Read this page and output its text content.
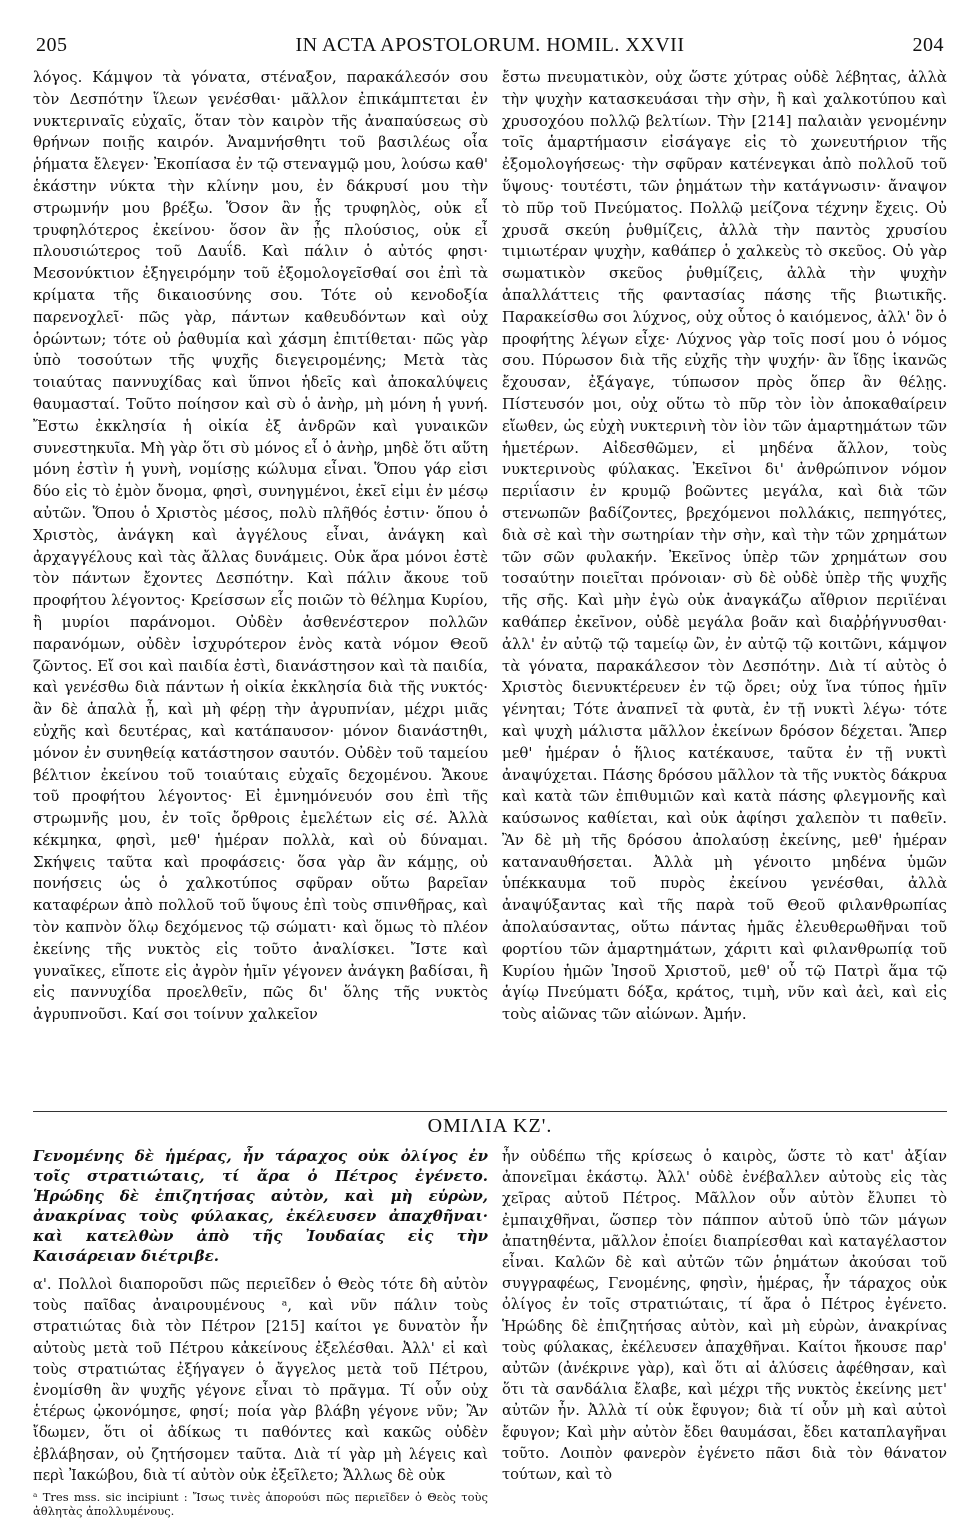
205	IN ACTA APOSTOLORUM. HOMIL. XXVII	204

λόγος. Κάμψον τὰ γόνατα, στέναξον, παρακάλεσόν σου τὸν Δεσπότην ἵλεων γενέσθαι· μᾶλλον ἐπικάμπτεται ἐν νυκτεριναῖς εὐχαῖς, ὅταν τὸν καιρὸν τῆς ἀναπαύσεως σὺ θρήνων ποιῇς καιρόν. Ἀναμνήσθητι τοῦ βασιλέως οἷα ῥήματα ἔλεγεν· Ἐκοπίασα ἐν τῷ στεναγμῷ μου, λούσω καθ' ἑκάστην νύκτα τὴν κλίνην μου, ἐν δάκρυσί μου τὴν στρωμνήν μου βρέξω. Ὅσον ἂν ᾖς τρυφηλὸς, οὐκ εἶ τρυφηλότερος ἐκείνου· ὅσον ἂν ᾖς πλούσιος, οὐκ εἶ πλουσιώτερος τοῦ Δαυΐδ. Καὶ πάλιν ὁ αὐτός φησι· Μεσονύκτιον ἐξηγειρόμην τοῦ ἐξομολογεῖσθαί σοι ἐπὶ τὰ κρίματα τῆς δικαιοσύνης σου. Τότε οὐ κενοδοξία παρενοχλεῖ· πῶς γὰρ, πάντων καθευδόντων καὶ οὐχ ὁρώντων; τότε οὐ ῥαθυμία καὶ χάσμη ἐπιτίθεται· πῶς γὰρ ὑπὸ τοσούτων τῆς ψυχῆς διεγειρομένης; Μετὰ τὰς τοιαύτας παννυχίδας καὶ ὕπνοι ἡδεῖς καὶ ἀποκαλύψεις θαυμασταί. Τοῦτο ποίησον καὶ σὺ ὁ ἀνὴρ, μὴ μόνη ἡ γυνή. Ἔστω ἐκκλησία ἡ οἰκία ἐξ ἀνδρῶν καὶ γυναικῶν συνεστηκυῖα. Μὴ γὰρ ὅτι σὺ μόνος εἶ ὁ ἀνὴρ, μηδὲ ὅτι αὕτη μόνη ἐστὶν ἡ γυνὴ, νομίσῃς κώλυμα εἶναι. Ὅπου γάρ εἰσι δύο εἰς τὸ ἐμὸν ὄνομα, φησὶ, συνηγμένοι, ἐκεῖ εἰμι ἐν μέσῳ αὐτῶν. Ὅπου ὁ Χριστὸς μέσος, πολὺ πλῆθός ἐστιν· ὅπου ὁ Χριστὸς, ἀνάγκη καὶ ἀγγέλους εἶναι, ἀνάγκη καὶ ἀρχαγγέλους καὶ τὰς ἄλλας δυνάμεις. Οὐκ ἄρα μόνοι ἐστὲ τὸν πάντων ἔχοντες Δεσπότην. Καὶ πάλιν ἄκουε τοῦ προφήτου λέγοντος· Κρείσσων εἷς ποιῶν τὸ θέλημα Κυρίου, ἢ μυρίοι παράνομοι. Οὐδὲν ἀσθενέστερον πολλῶν παρανόμων, οὐδὲν ἰσχυρότερον ἑνὸς κατὰ νόμον Θεοῦ ζῶντος. Εἴ σοι καὶ παιδία ἐστὶ, διανάστησον καὶ τὰ παιδία, καὶ γενέσθω διὰ πάντων ἡ οἰκία ἐκκλησία διὰ τῆς νυκτός· ἂν δὲ ἁπαλὰ ᾖ, καὶ μὴ φέρῃ τὴν ἀγρυπνίαν, μέχρι μιᾶς εὐχῆς καὶ δευτέρας, καὶ κατάπαυσον· μόνον διανάστηθι, μόνον ἐν συνηθείᾳ κατάστησον σαυτόν. Οὐδὲν τοῦ ταμείου βέλτιον ἐκείνου τοῦ τοιαύταις εὐχαῖς δεχομένου. Ἄκουε τοῦ προφήτου λέγοντος· Εἰ ἐμνημόνευόν σου ἐπὶ τῆς στρωμνῆς μου, ἐν τοῖς ὄρθροις ἐμελέτων εἰς σέ. Ἀλλὰ κέκμηκα, φησὶ, μεθ' ἡμέραν πολλὰ, καὶ οὐ δύναμαι. Σκήψεις ταῦτα καὶ προφάσεις· ὅσα γὰρ ἂν κάμῃς, οὐ πονήσεις ὡς ὁ χαλκοτύπος σφῦραν οὕτω βαρεῖαν καταφέρων ἀπὸ πολλοῦ τοῦ ὕψους ἐπὶ τοὺς σπινθῆρας, καὶ τὸν καπνὸν ὅλῳ δεχόμενος τῷ σώματι· καὶ ὅμως τὸ πλέον ἐκείνης τῆς νυκτὸς εἰς τοῦτο ἀναλίσκει. Ἴστε καὶ γυναῖκες, εἴποτε εἰς ἀγρὸν ἡμῖν γέγονεν ἀνάγκη βαδίσαι, ἢ εἰς παννυχίδα προελθεῖν, πῶς δι' ὅλης τῆς νυκτὸς ἀγρυπνοῦσι. Καί σοι τοίνυν χαλκεῖον

ἔστω πνευματικὸν, οὐχ ὥστε χύτρας οὐδὲ λέβητας, ἀλλὰ τὴν ψυχὴν κατασκευάσαι τὴν σὴν, ἢ καὶ χαλκοτύπου καὶ χρυσοχόου πολλῷ βελτίων. Τὴν [214] παλαιὰν γενομένην τοῖς ἁμαρτήμασιν εἰσάγαγε εἰς τὸ χωνευτήριον τῆς ἐξομολογήσεως· τὴν σφῦραν κατένεγκαι ἀπὸ πολλοῦ τοῦ ὕψους· τουτέστι, τῶν ῥημάτων τὴν κατάγνωσιν· ἄναψον τὸ πῦρ τοῦ Πνεύματος. Πολλῷ μείζονα τέχνην ἔχεις. Οὐ χρυσᾶ σκεύη ῥυθμίζεις, ἀλλὰ τὴν παντὸς χρυσίου τιμιωτέραν ψυχὴν, καθάπερ ὁ χαλκεὺς τὸ σκεῦος. Οὐ γὰρ σωματικὸν σκεῦος ῥυθμίζεις, ἀλλὰ τὴν ψυχὴν ἀπαλλάττεις τῆς φαντασίας πάσης τῆς βιωτικῆς. Παρακείσθω σοι λύχνος, οὐχ οὗτος ὁ καιόμενος, ἀλλ' ὃν ὁ προφήτης λέγων εἶχε· Λύχνος γὰρ τοῖς ποσί μου ὁ νόμος σου. Πύρωσον διὰ τῆς εὐχῆς τὴν ψυχήν· ἂν ἴδῃς ἱκανῶς ἔχουσαν, ἐξάγαγε, τύπωσον πρὸς ὅπερ ἂν θέλῃς. Πίστευσόν μοι, οὐχ οὕτω τὸ πῦρ τὸν ἰὸν ἀποκαθαίρειν εἴωθεν, ὡς εὐχὴ νυκτερινὴ τὸν ἰὸν τῶν ἁμαρτημάτων τῶν ἡμετέρων. Αἰδεσθῶμεν, εἰ μηδένα ἄλλον, τοὺς νυκτερινοὺς φύλακας. Ἐκεῖνοι δι' ἀνθρώπινον νόμον περιΐασιν ἐν κρυμῷ βοῶντες μεγάλα, καὶ διὰ τῶν στενωπῶν βαδίζοντες, βρεχόμενοι πολλάκις, πεπηγότες, διὰ σὲ καὶ τὴν σωτηρίαν τὴν σὴν, καὶ τὴν τῶν χρημάτων τῶν σῶν φυλακήν. Ἐκεῖνος ὑπὲρ τῶν χρημάτων σου τοσαύτην ποιεῖται πρόνοιαν· σὺ δὲ οὐδὲ ὑπὲρ τῆς ψυχῆς τῆς σῆς. Καὶ μὴν ἐγὼ οὐκ ἀναγκάζω αἴθριον περιϊέναι καθάπερ ἐκεῖνον, οὐδὲ μεγάλα βοᾶν καὶ διαῤῥήγνυσθαι· ἀλλ' ἐν αὐτῷ τῷ ταμείῳ ὢν, ἐν αὐτῷ τῷ κοιτῶνι, κάμψον τὰ γόνατα, παρακάλεσον τὸν Δεσπότην. Διὰ τί αὐτὸς ὁ Χριστὸς διενυκτέρευεν ἐν τῷ ὄρει; οὐχ ἵνα τύπος ἡμῖν γένηται; Τότε ἀναπνεῖ τὰ φυτὰ, ἐν τῇ νυκτὶ λέγω· τότε καὶ ψυχὴ μάλιστα μᾶλλον ἐκείνων δρόσον δέχεται. Ἅπερ μεθ' ἡμέραν ὁ ἥλιος κατέκαυσε, ταῦτα ἐν τῇ νυκτὶ ἀναψύχεται. Πάσης δρόσου μᾶλλον τὰ τῆς νυκτὸς δάκρυα καὶ κατὰ τῶν ἐπιθυμιῶν καὶ κατὰ πάσης φλεγμονῆς καὶ καύσωνος καθίεται, καὶ οὐκ ἀφίησι χαλεπὸν τι παθεῖν. Ἂν δὲ μὴ τῆς δρόσου ἀπολαύσῃ ἐκείνης, μεθ' ἡμέραν καταναυθήσεται. Ἀλλὰ μὴ γένοιτο μηδένα ὑμῶν ὑπέκκαυμα τοῦ πυρὸς ἐκείνου γενέσθαι, ἀλλὰ ἀναψύξαντας καὶ τῆς παρὰ τοῦ Θεοῦ φιλανθρωπίας ἀπολαύσαντας, οὕτω πάντας ἡμᾶς ἐλευθερωθῆναι τοῦ φορτίου τῶν ἁμαρτημάτων, χάριτι καὶ φιλανθρωπίᾳ τοῦ Κυρίου ἡμῶν Ἰησοῦ Χριστοῦ, μεθ' οὗ τῷ Πατρὶ ἅμα τῷ ἁγίῳ Πνεύματι δόξα, κράτος, τιμὴ, νῦν καὶ ἀεὶ, καὶ εἰς τοὺς αἰῶνας τῶν αἰώνων. Ἀμήν.

ΟΜΙΛΙΑ ΚΖ'.

Γενομένης δὲ ἡμέρας, ἦν τάραχος οὐκ ὀλίγος ἐν τοῖς στρατιώταις, τί ἄρα ὁ Πέτρος ἐγένετο. Ἡρώδης δὲ ἐπιζητήσας αὐτὸν, καὶ μὴ εὑρὼν, ἀνακρίνας τοὺς φύλακας, ἐκέλευσεν ἀπαχθῆναι· καὶ κατελθὼν ἀπὸ τῆς Ἰουδαίας εἰς τὴν Καισάρειαν διέτριβε.

α'. Πολλοὶ διαποροῦσι πῶς περιεῖδεν ὁ Θεὸς τότε δὴ αὐτὸν τοὺς παῖδας ἀναιρουμένους ᵃ, καὶ νῦν πάλιν τοὺς στρατιώτας διὰ τὸν Πέτρον [215] καίτοι γε δυνατὸν ἦν αὐτοὺς μετὰ τοῦ Πέτρου κἀκείνους ἐξελέσθαι. Ἀλλ' εἰ καὶ τοὺς στρατιώτας ἐξήγαγεν ὁ ἄγγελος μετὰ τοῦ Πέτρου, ἐνομίσθη ἂν ψυχῆς γέγονε εἶναι τὸ πρᾶγμα. Τί οὖν οὐχ ἑτέρως ᾠκονόμησε, φησί; ποία γὰρ βλάβη γέγονε νῦν; Ἂν ἴδωμεν, ὅτι οἱ ἀδίκως τι παθόντες καὶ κακῶς οὐδὲν ἐβλάβησαν, οὐ ζητήσομεν ταῦτα. Διὰ τί γὰρ μὴ λέγεις καὶ περὶ Ἰακώβου, διὰ τί αὐτὸν οὐκ ἐξεῖλετο; Ἄλλως δὲ οὐκ

ᵃ Tres mss. sic incipiunt : Ἴσως τινὲς ἀπορούσι πῶς περιεῖδεν ὁ Θεὸς τοὺς ἀθλητὰς ἀπολλυμένους.

ἦν οὐδέπω τῆς κρίσεως ὁ καιρὸς, ὥστε τὸ κατ' ἀξίαν ἀπονεῖμαι ἑκάστῳ. Ἀλλ' οὐδὲ ἐνέβαλλεν αὐτοὺς εἰς τὰς χεῖρας αὐτοῦ Πέτρος. Μᾶλλον οὖν αὐτὸν ἔλυπει τὸ ἐμπαιχθῆναι, ὥσπερ τὸν πάππον αὐτοῦ ὑπὸ τῶν μάγων ἀπατηθέντα, μᾶλλον ἐποίει διαπρίεσθαι καὶ καταγέλαστον εἶναι. Καλῶν δὲ καὶ αὐτῶν τῶν ῥημάτων ἀκούσαι τοῦ συγγραφέως, Γενομένης, φησὶν, ἡμέρας, ἦν τάραχος οὐκ ὀλίγος ἐν τοῖς στρατιώταις, τί ἄρα ὁ Πέτρος ἐγένετο. Ἡρώδης δὲ ἐπιζητήσας αὐτὸν, καὶ μὴ εὑρὼν, ἀνακρίνας τοὺς φύλακας, ἐκέλευσεν ἀπαχθῆναι. Καίτοι ἤκουσε παρ' αὐτῶν (ἀνέκρινε γὰρ), καὶ ὅτι αἱ ἁλύσεις ἀφέθησαν, καὶ ὅτι τὰ σανδάλια ἔλαβε, καὶ μέχρι τῆς νυκτὸς ἐκείνης μετ' αὐτῶν ἦν. Ἀλλὰ τί οὐκ ἔφυγον; διὰ τί οὖν μὴ καὶ αὐτοὶ ἔφυγον; Καὶ μὴν αὐτὸν ἔδει θαυμάσαι, ἔδει καταπλαγῆναι τοῦτο. Λοιπὸν φανερὸν ἐγένετο πᾶσι διὰ τὸν θάνατον τούτων, καὶ τὸ
